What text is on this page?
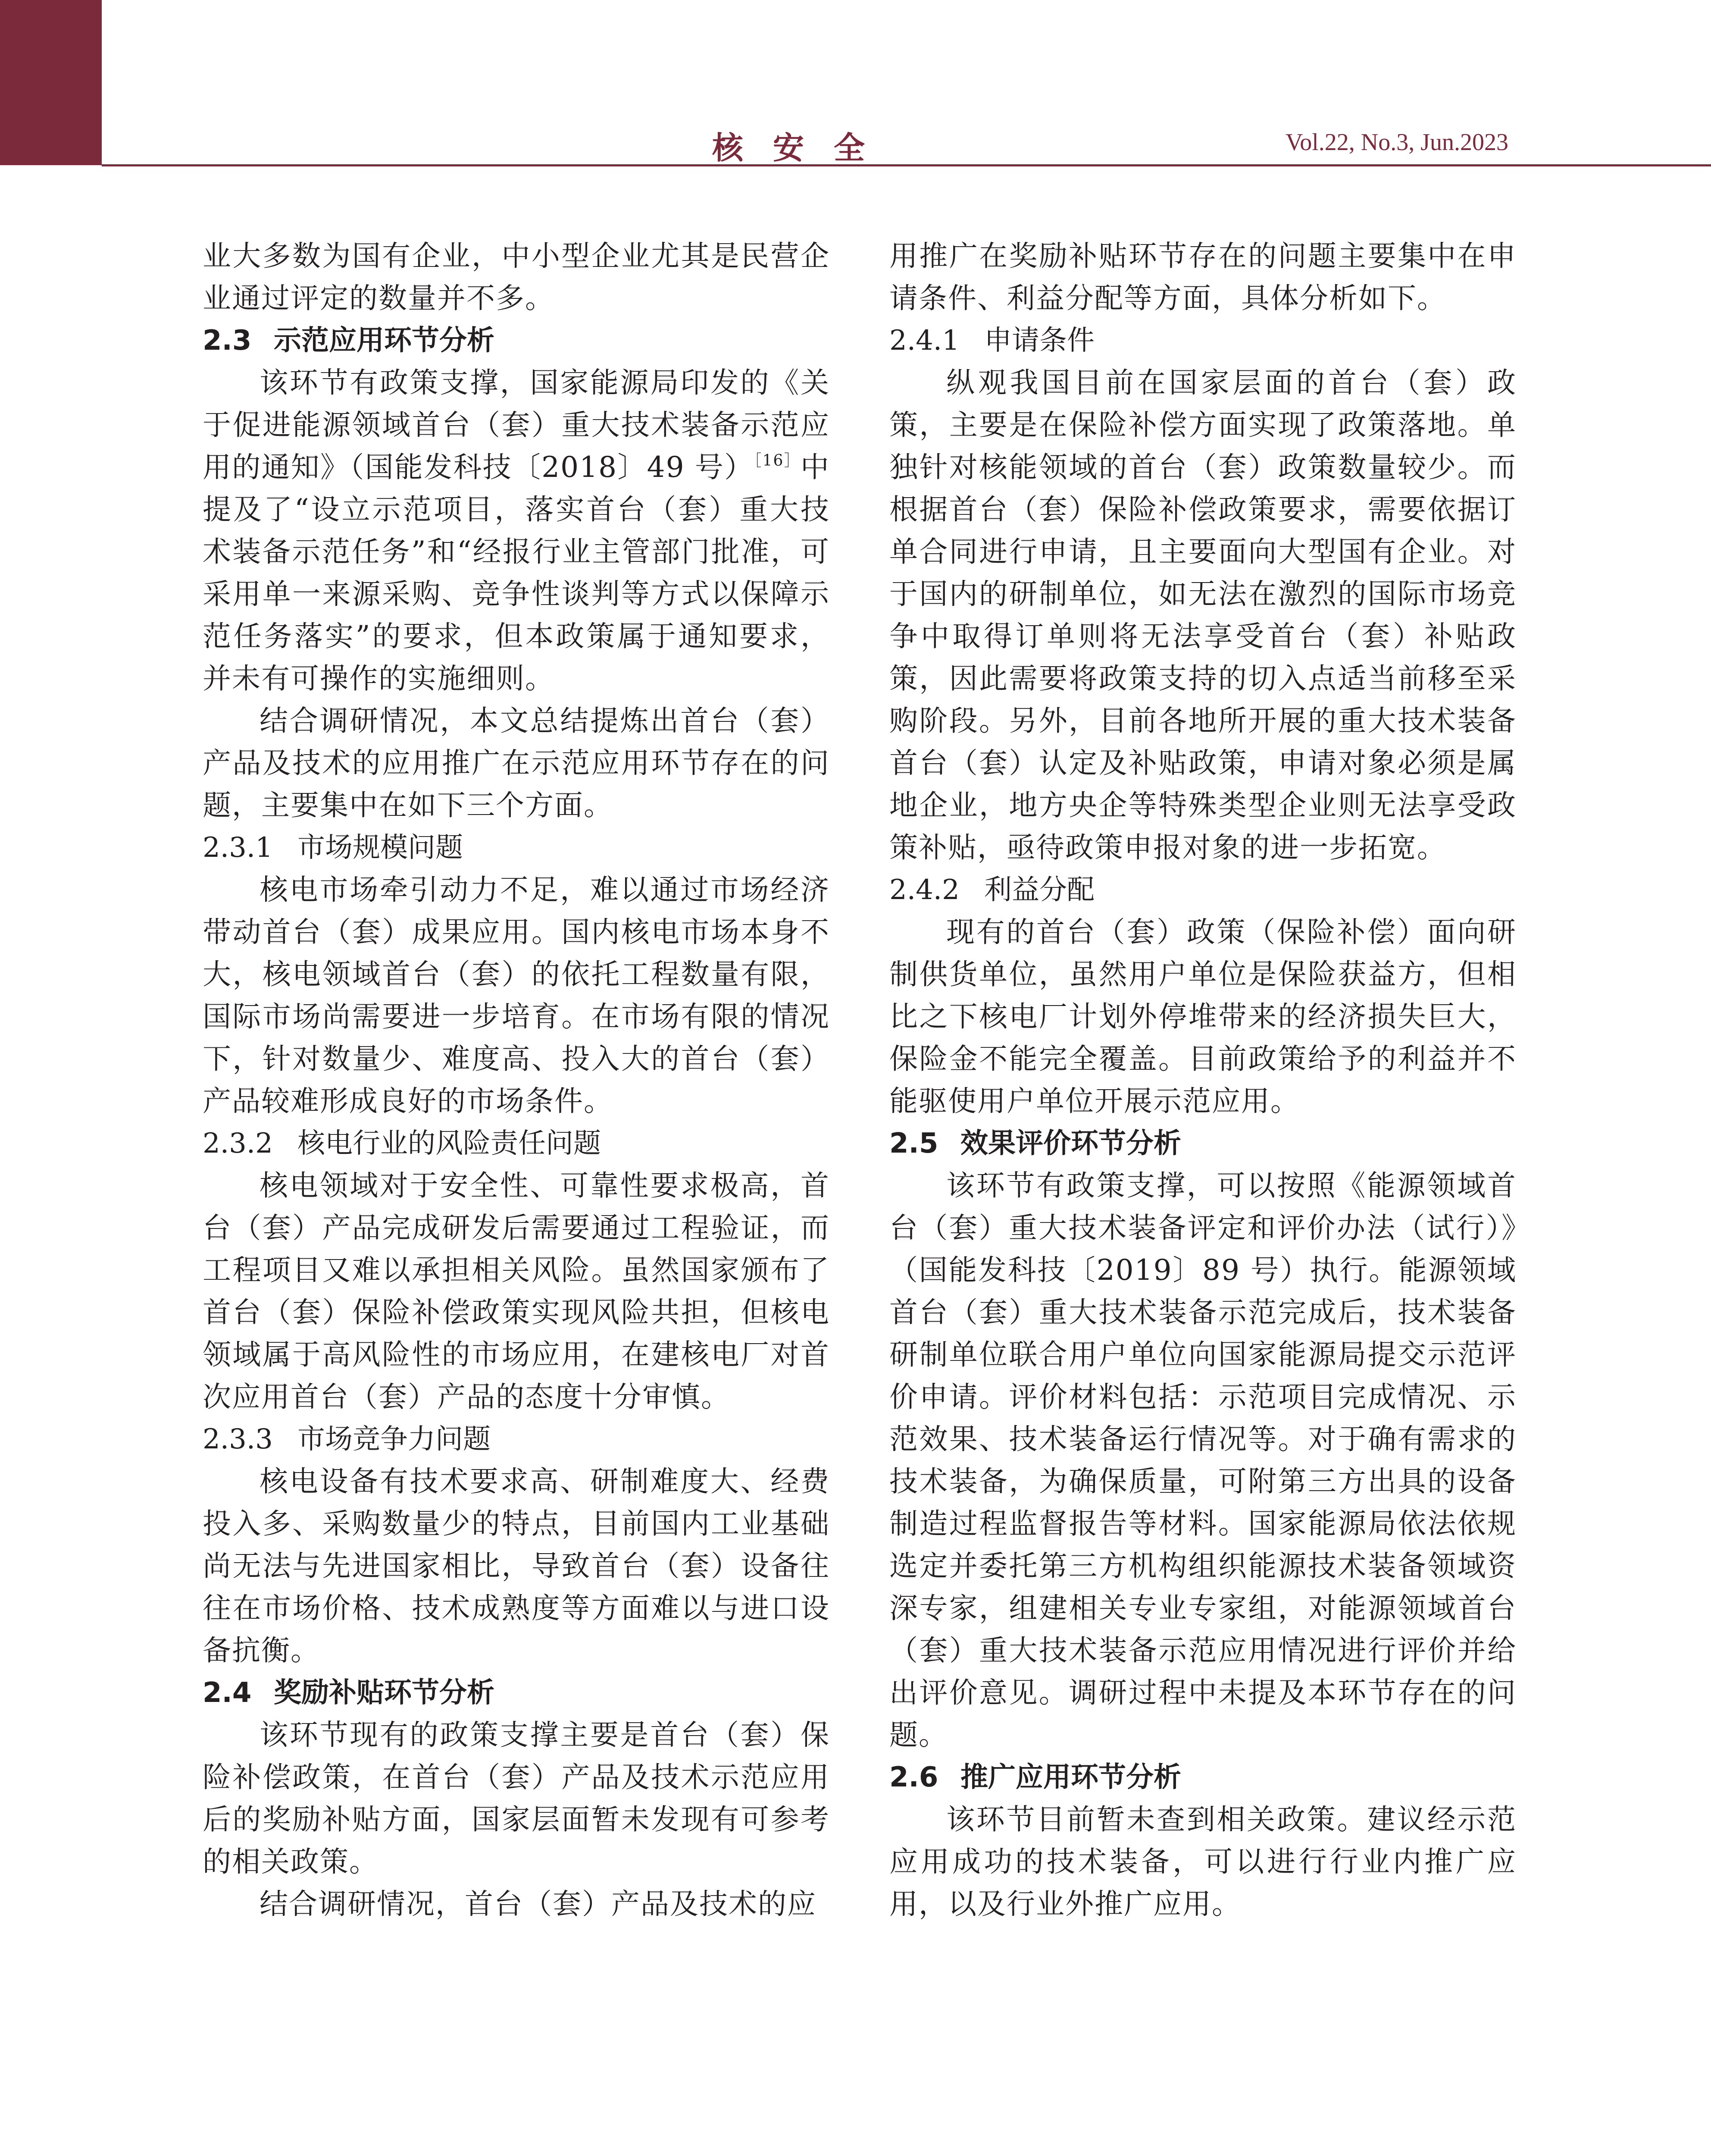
核 安 全	Vol.22, No.3, Jun.2023

业大多数为国有企业，中小型企业尤其是民营企业通过评定的数量并不多。

2.3 示范应用环节分析

该环节有政策支撑，国家能源局印发的《关于促进能源领域首台（套）重大技术装备示范应用的通知》（国能发科技〔2018〕49 号）$^{[16]}$中提及了“设立示范项目，落实首台（套）重大技术装备示范任务”和“经报行业主管部门批准，可采用单一来源采购、竞争性谈判等方式以保障示范任务落实”的要求，但本政策属于通知要求，并未有可操作的实施细则。

结合调研情况，本文总结提炼出首台（套）产品及技术的应用推广在示范应用环节存在的问题，主要集中在如下三个方面。

2.3.1 市场规模问题

核电市场牵引动力不足，难以通过市场经济带动首台（套）成果应用。国内核电市场本身不大，核电领域首台（套）的依托工程数量有限，国际市场尚需要进一步培育。在市场有限的情况下，针对数量少、难度高、投入大的首台（套）产品较难形成良好的市场条件。

2.3.2 核电行业的风险责任问题

核电领域对于安全性、可靠性要求极高，首台（套）产品完成研发后需要通过工程验证，而工程项目又难以承担相关风险。虽然国家颁布了首台（套）保险补偿政策实现风险共担，但核电领域属于高风险性的市场应用，在建核电厂对首次应用首台（套）产品的态度十分审慎。

2.3.3 市场竞争力问题

核电设备有技术要求高、研制难度大、经费投入多、采购数量少的特点，目前国内工业基础尚无法与先进国家相比，导致首台（套）设备往往在市场价格、技术成熟度等方面难以与进口设备抗衡。

2.4 奖励补贴环节分析

该环节现有的政策支撑主要是首台（套）保险补偿政策，在首台（套）产品及技术示范应用后的奖励补贴方面，国家层面暂未发现有可参考的相关政策。

结合调研情况，首台（套）产品及技术的应

用推广在奖励补贴环节存在的问题主要集中在申请条件、利益分配等方面，具体分析如下。

2.4.1 申请条件

纵观我国目前在国家层面的首台（套）政策，主要是在保险补偿方面实现了政策落地。单独针对核能领域的首台（套）政策数量较少。而根据首台（套）保险补偿政策要求，需要依据订单合同进行申请，且主要面向大型国有企业。对于国内的研制单位，如无法在激烈的国际市场竞争中取得订单则将无法享受首台（套）补贴政策，因此需要将政策支持的切入点适当前移至采购阶段。另外，目前各地所开展的重大技术装备首台（套）认定及补贴政策，申请对象必须是属地企业，地方央企等特殊类型企业则无法享受政策补贴，亟待政策申报对象的进一步拓宽。

2.4.2 利益分配

现有的首台（套）政策（保险补偿）面向研制供货单位，虽然用户单位是保险获益方，但相比之下核电厂计划外停堆带来的经济损失巨大，保险金不能完全覆盖。目前政策给予的利益并不能驱使用户单位开展示范应用。

2.5 效果评价环节分析

该环节有政策支撑，可以按照《能源领域首台（套）重大技术装备评定和评价办法（试行）》（国能发科技〔2019〕89 号）执行。能源领域首台（套）重大技术装备示范完成后，技术装备研制单位联合用户单位向国家能源局提交示范评价申请。评价材料包括：示范项目完成情况、示范效果、技术装备运行情况等。对于确有需求的技术装备，为确保质量，可附第三方出具的设备制造过程监督报告等材料。国家能源局依法依规选定并委托第三方机构组织能源技术装备领域资深专家，组建相关专业专家组，对能源领域首台（套）重大技术装备示范应用情况进行评价并给出评价意见。调研过程中未提及本环节存在的问题。

2.6 推广应用环节分析

该环节目前暂未查到相关政策。建议经示范应用成功的技术装备，可以进行行业内推广应用，以及行业外推广应用。
